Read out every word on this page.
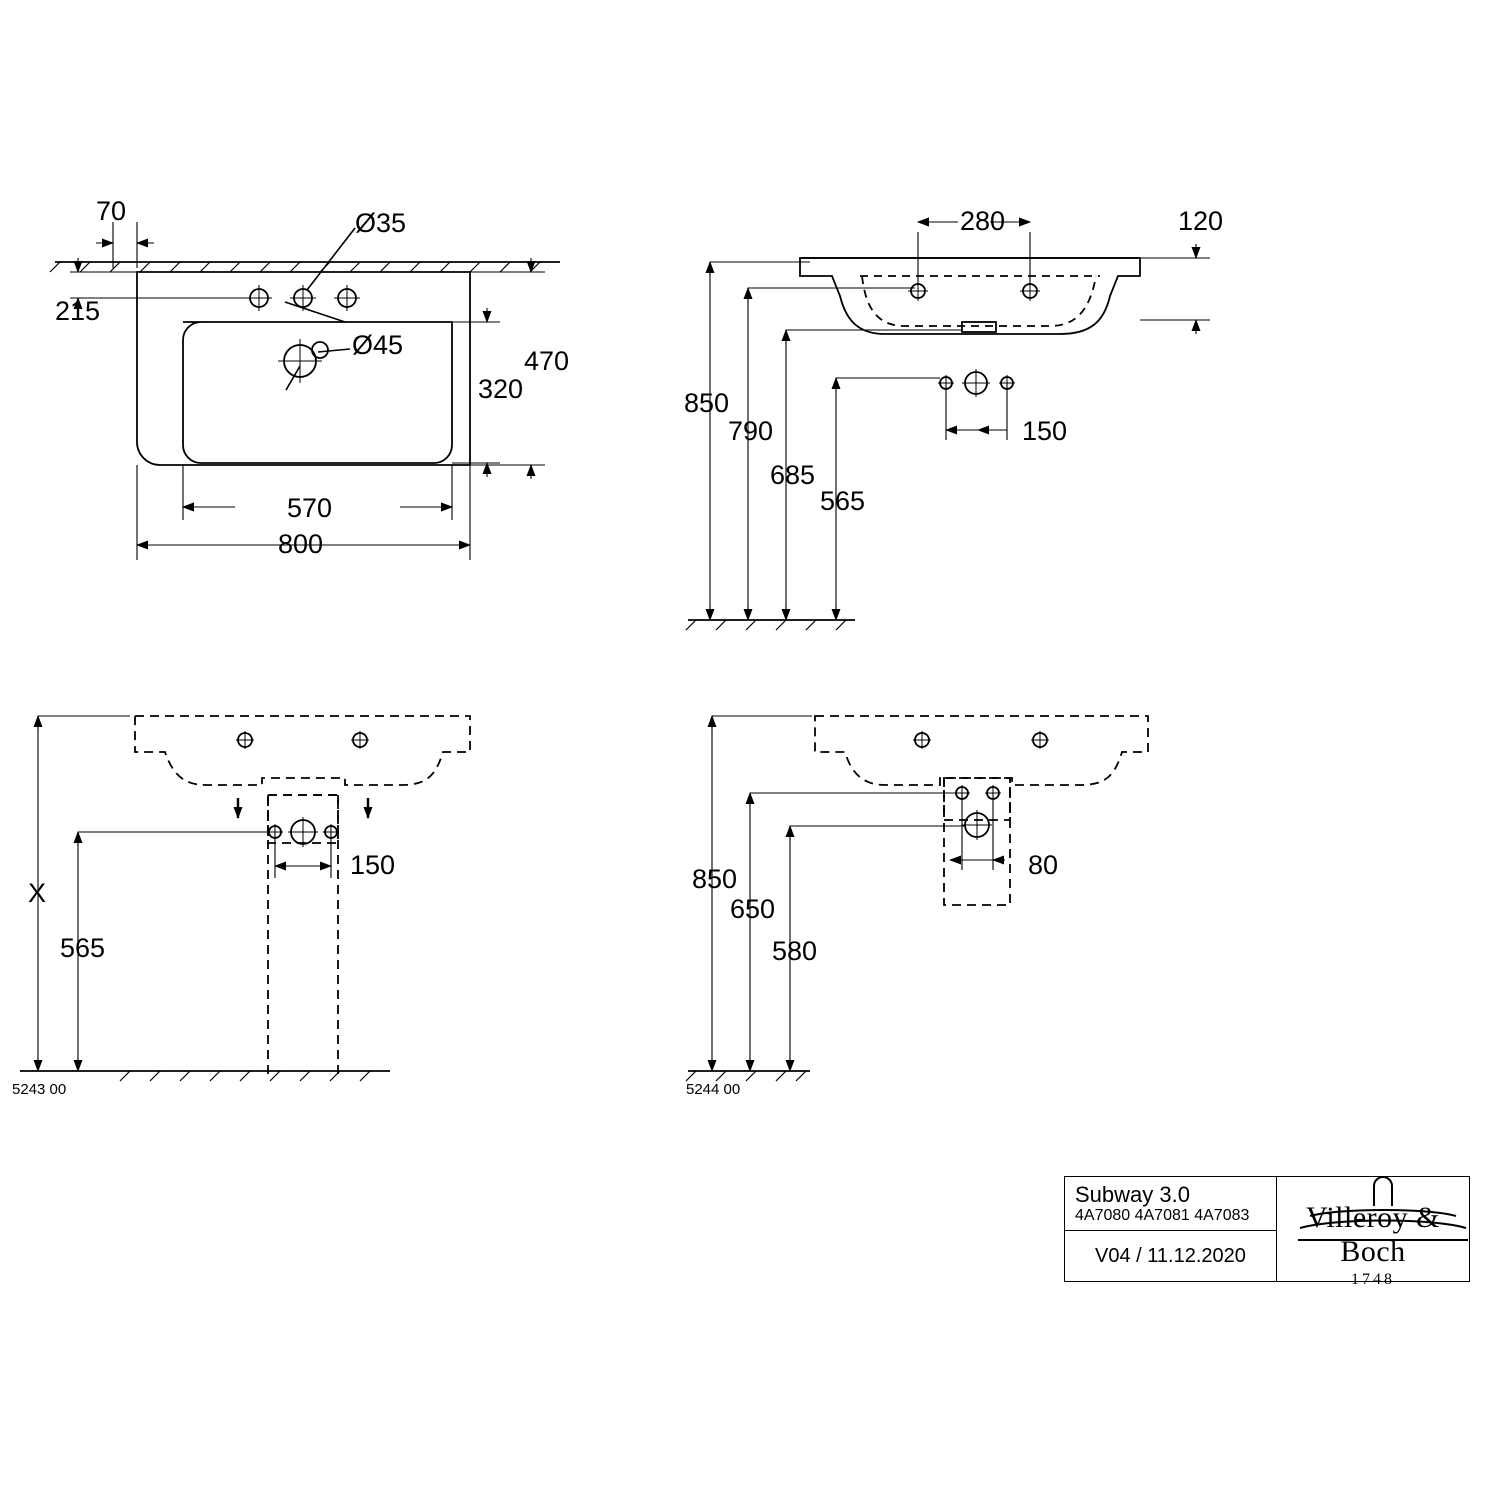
70
215
Ø35
Ø45
470
320
570
800
280	120
150
850
790
685
565
X
565
150
5243 00
850
650
580
80
5244 00
Subway 3.0
4A7080 4A7081 4A7083
V04 / 11.12.2020
Villeroy & Boch
1748
